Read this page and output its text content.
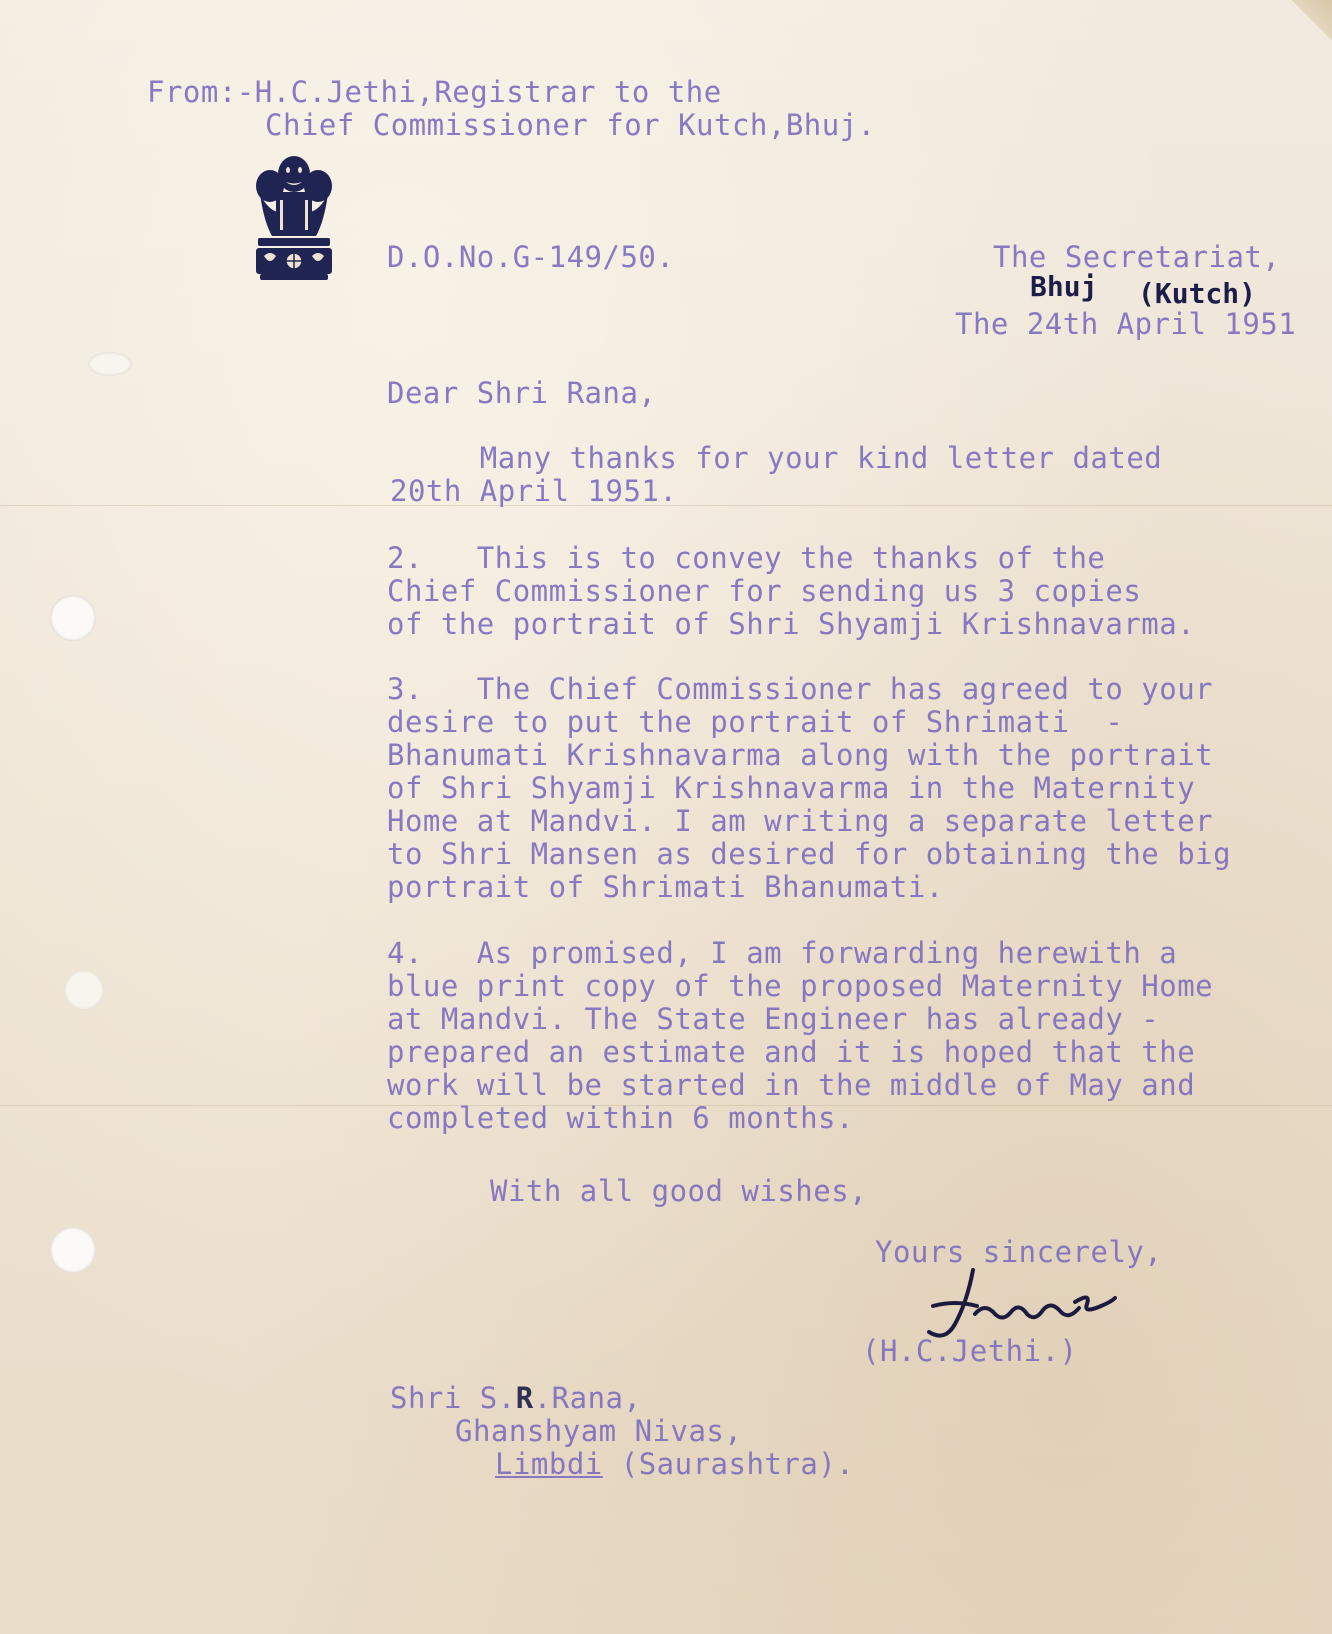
From:-H.C.Jethi,Registrar to the
Chief Commissioner for Kutch,Bhuj.
D.O.No.G-149/50.	The Secretariat,
Bhuj (Kutch)
The 24th April 1951
Dear Shri Rana,
Many thanks for your kind letter dated
20th April 1951.
2.   This is to convey the thanks of the
Chief Commissioner for sending us 3 copies
of the portrait of Shri Shyamji Krishnavarma.
3.   The Chief Commissioner has agreed to your
desire to put the portrait of Shrimati  -
Bhanumati Krishnavarma along with the portrait
of Shri Shyamji Krishnavarma in the Maternity
Home at Mandvi. I am writing a separate letter
to Shri Mansen as desired for obtaining the big
portrait of Shrimati Bhanumati.
4.   As promised, I am forwarding herewith a
blue print copy of the proposed Maternity Home
at Mandvi. The State Engineer has already -
prepared an estimate and it is hoped that the
work will be started in the middle of May and
completed within 6 months.
With all good wishes,
Yours sincerely,
(H.C.Jethi.)
Shri S.R.Rana,
Ghanshyam Nivas,
Limbdi (Saurashtra).
